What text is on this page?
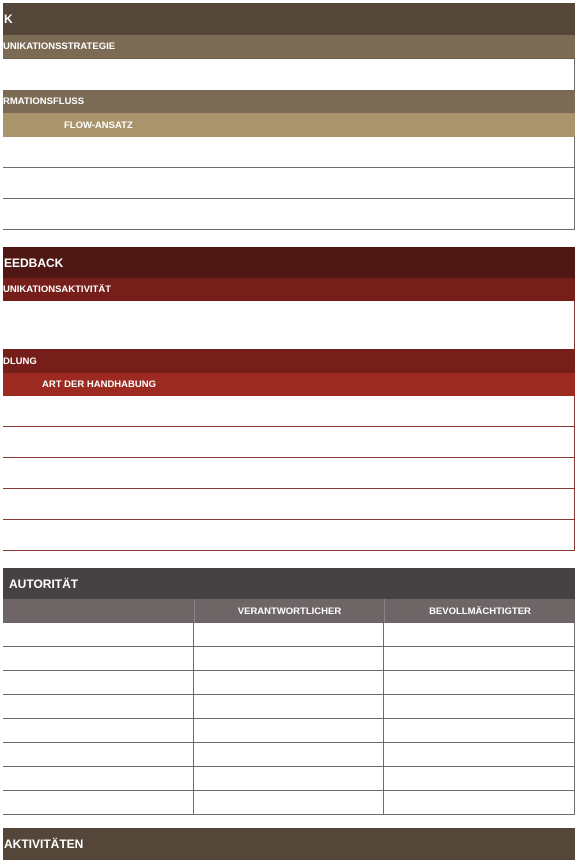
K
UNIKATIONSSTRATEGIE
RMATIONSFLUSS
FLOW-ANSATZ
EEDBACK
UNIKATIONSAKTIVITÄT
DLUNG
ART DER HANDHABUNG
AUTORITÄT
VERANTWORTLICHER	BEVOLLMÄCHTIGTER
AKTIVITÄTEN
